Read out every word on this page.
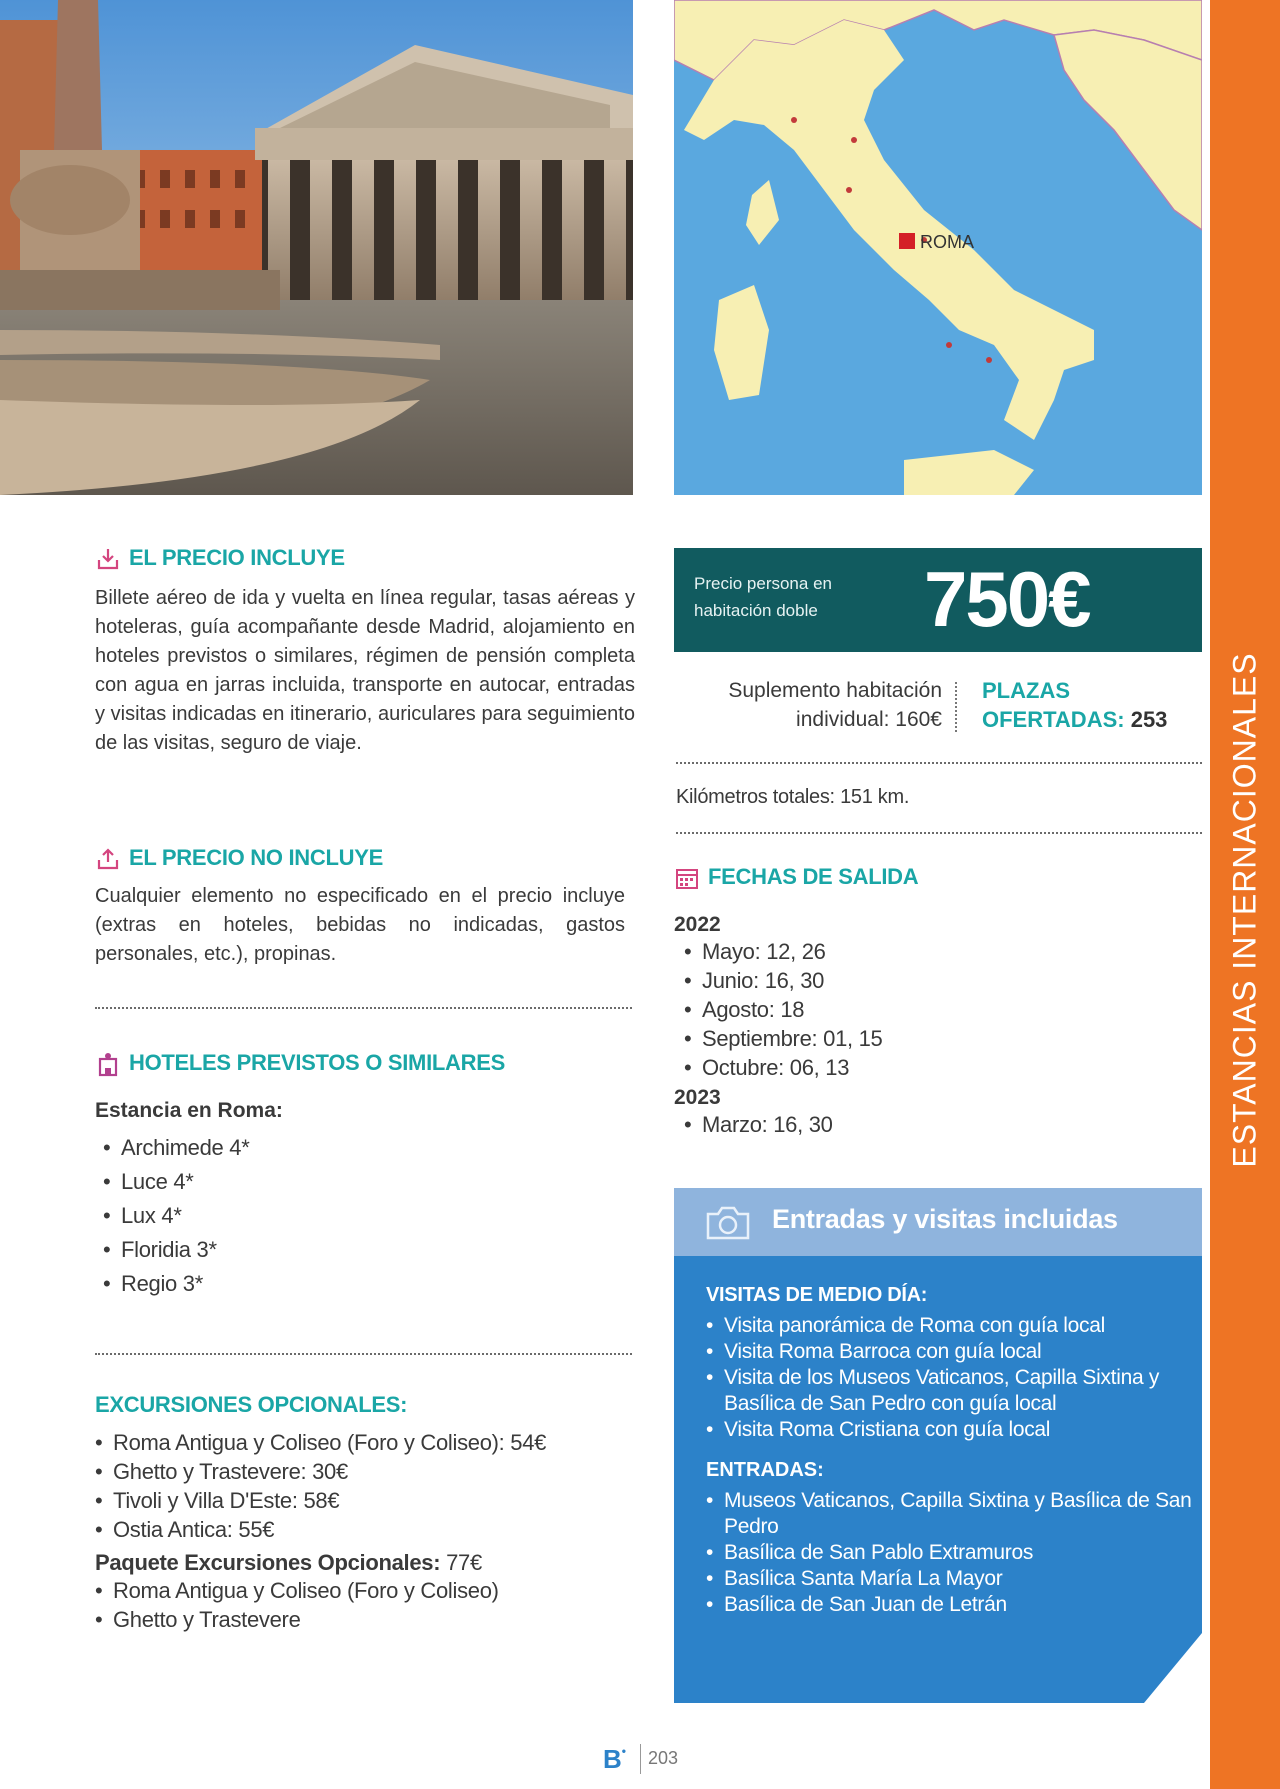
ROMA
ESTANCIAS INTERNACIONALES
EL PRECIO INCLUYE
Billete aéreo de ida y vuelta en línea regular, tasas aéreas y hoteleras, guía acompañante desde Madrid, alojamiento en hoteles previstos o similares, régimen de pensión completa con agua en jarras incluida, transporte en autocar, entradas y visitas indicadas en itinerario, auriculares para seguimiento de las visitas, seguro de viaje.
EL PRECIO NO INCLUYE
Cualquier elemento no especificado en el precio incluye (extras en hoteles, bebidas no indicadas, gastos personales, etc.), propinas.
HOTELES PREVISTOS O SIMILARES
Estancia en Roma:
• Archimede 4*
• Luce 4*
• Lux 4*
• Floridia 3*
• Regio 3*
EXCURSIONES OPCIONALES:
• Roma Antigua y Coliseo (Foro y Coliseo): 54€
• Ghetto y Trastevere: 30€
• Tivoli y Villa D'Este: 58€
• Ostia Antica: 55€
Paquete Excursiones Opcionales: 77€
• Roma Antigua y Coliseo (Foro y Coliseo)
• Ghetto y Trastevere
Precio persona en habitación doble	750€
Suplemento habitación
individual: 160€
PLAZAS
OFERTADAS: 253
Kilómetros totales: 151 km.
FECHAS DE SALIDA
2022
• Mayo: 12, 26
• Junio: 16, 30
• Agosto: 18
• Septiembre: 01, 15
• Octubre: 06, 13
2023
• Marzo: 16, 30
Entradas y visitas incluidas
VISITAS DE MEDIO DÍA:
• Visita panorámica de Roma con guía local
• Visita Roma Barroca con guía local
• Visita de los Museos Vaticanos, Capilla Sixtina y Basílica de San Pedro con guía local
• Visita Roma Cristiana con guía local
ENTRADAS:
• Museos Vaticanos, Capilla Sixtina y Basílica de San Pedro
• Basílica de San Pablo Extramuros
• Basílica Santa María La Mayor
• Basílica de San Juan de Letrán
B• 203
